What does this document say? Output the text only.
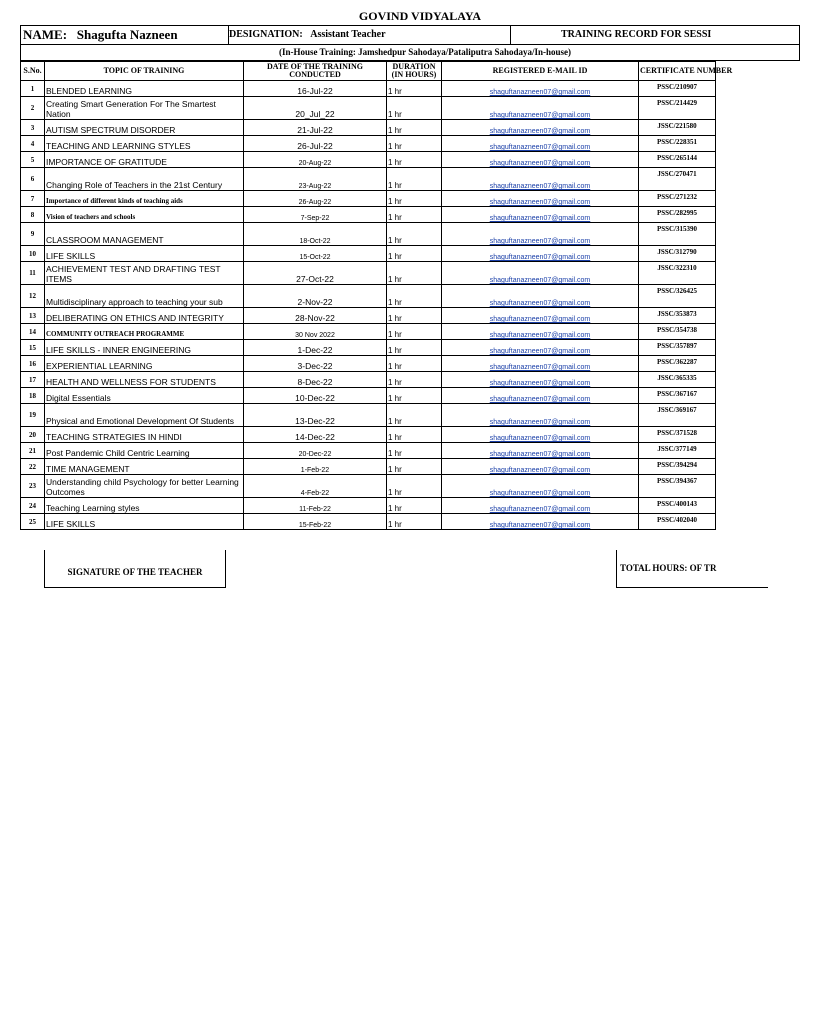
GOVIND VIDYALAYA
NAME: Shagufta Nazneen	DESIGNATION: Assistant Teacher	TRAINING RECORD FOR SESSI
(In-House Training: Jamshedpur Sahodaya/Pataliputra Sahodaya/In-house)
S.No.	TOPIC OF TRAINING	DATE OF THE TRAINING CONDUCTED	DURATION (IN HOURS)	REGISTERED E-MAIL ID	CERTIFICATE NUMBER
1	BLENDED LEARNING	16-Jul-22	1 hr	shaguftanazneen07@gmail.com	PSSC/210907
2	Creating Smart Generation For The Smartest Nation	20_Jul_22	1 hr	shaguftanazneen07@gmail.com	PSSC/214429
3	AUTISM SPECTRUM DISORDER	21-Jul-22	1 hr	shaguftanazneen07@gmail.com	JSSC/221580
4	TEACHING AND LEARNING STYLES	26-Jul-22	1 hr	shaguftanazneen07@gmail.com	PSSC/228351
5	IMPORTANCE OF GRATITUDE	20-Aug-22	1 hr	shaguftanazneen07@gmail.com	PSSC/265144
6	Changing Role of Teachers in the 21st Century	23-Aug-22	1 hr	shaguftanazneen07@gmail.com	JSSC/270471
7	Importance of different kinds of teaching aids	26-Aug-22	1 hr	shaguftanazneen07@gmail.com	PSSC/271232
8	Vision of teachers and schools	7-Sep-22	1 hr	shaguftanazneen07@gmail.com	PSSC/282995
9	CLASSROOM MANAGEMENT	18-Oct-22	1 hr	shaguftanazneen07@gmail.com	PSSC/315390
10	LIFE SKILLS	15-Oct-22	1 hr	shaguftanazneen07@gmail.com	JSSC/312790
11	ACHIEVEMENT TEST AND DRAFTING TEST ITEMS	27-Oct-22	1 hr	shaguftanazneen07@gmail.com	JSSC/322310
12	Multidisciplinary approach to teaching your sub	2-Nov-22	1 hr	shaguftanazneen07@gmail.com	PSSC/326425
13	DELIBERATING ON ETHICS AND INTEGRITY	28-Nov-22	1 hr	shaguftanazneen07@gmail.com	JSSC/353873
14	COMMUNITY OUTREACH PROGRAMME	30 Nov 2022	1 hr	shaguftanazneen07@gmail.com	PSSC/354738
15	LIFE SKILLS - INNER ENGINEERING	1-Dec-22	1 hr	shaguftanazneen07@gmail.com	PSSC/357897
16	EXPERIENTIAL LEARNING	3-Dec-22	1 hr	shaguftanazneen07@gmail.com	PSSC/362287
17	HEALTH AND WELLNESS FOR STUDENTS	8-Dec-22	1 hr	shaguftanazneen07@gmail.com	JSSC/365335
18	Digital Essentials	10-Dec-22	1 hr	shaguftanazneen07@gmail.com	PSSC/367167
19	Physical and Emotional Development Of Students	13-Dec-22	1 hr	shaguftanazneen07@gmail.com	JSSC/369167
20	TEACHING STRATEGIES IN HINDI	14-Dec-22	1 hr	shaguftanazneen07@gmail.com	PSSC/371528
21	Post Pandemic Child Centric Learning	20-Dec-22	1 hr	shaguftanazneen07@gmail.com	JSSC/377149
22	TIME MANAGEMENT	1-Feb-22	1 hr	shaguftanazneen07@gmail.com	PSSC/394294
23	Understanding child Psychology for better Learning Outcomes	4-Feb-22	1 hr	shaguftanazneen07@gmail.com	PSSC/394367
24	Teaching Learning styles	11-Feb-22	1 hr	shaguftanazneen07@gmail.com	PSSC/400143
25	LIFE SKILLS	15-Feb-22	1 hr	shaguftanazneen07@gmail.com	PSSC/402040
SIGNATURE OF THE TEACHER	TOTAL HOURS: OF TR
